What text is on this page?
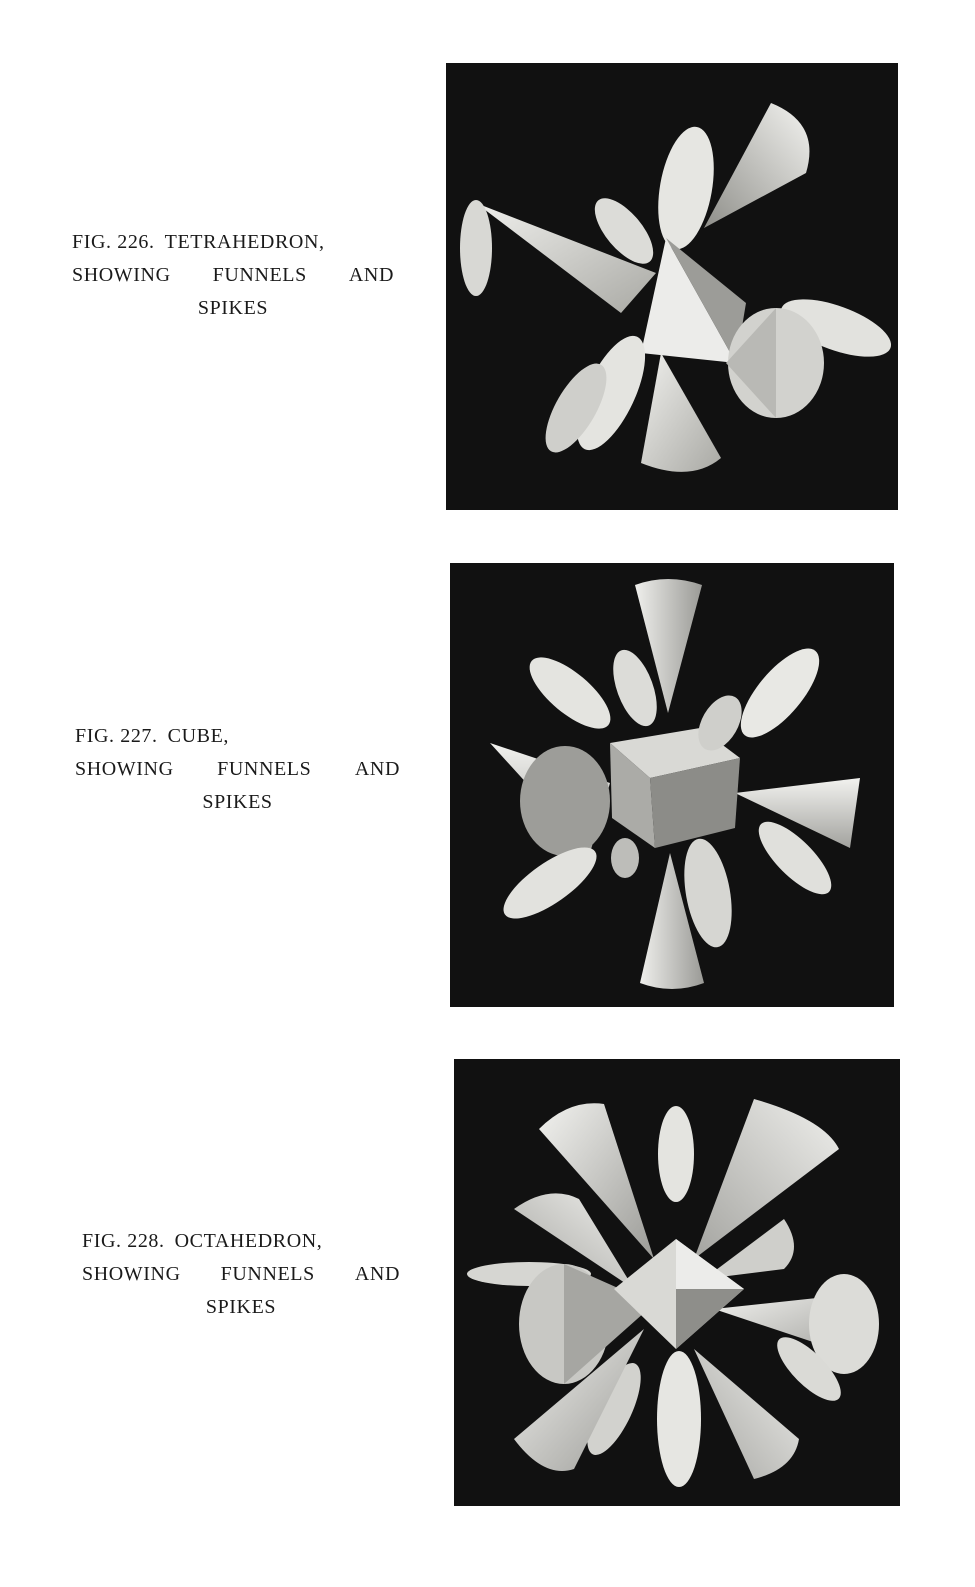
FIG. 226. TETRAHEDRON,
SHOWING FUNNELS AND
SPIKES
FIG. 227. CUBE,
SHOWING FUNNELS AND
SPIKES
FIG. 228. OCTAHEDRON,
SHOWING FUNNELS AND
SPIKES
